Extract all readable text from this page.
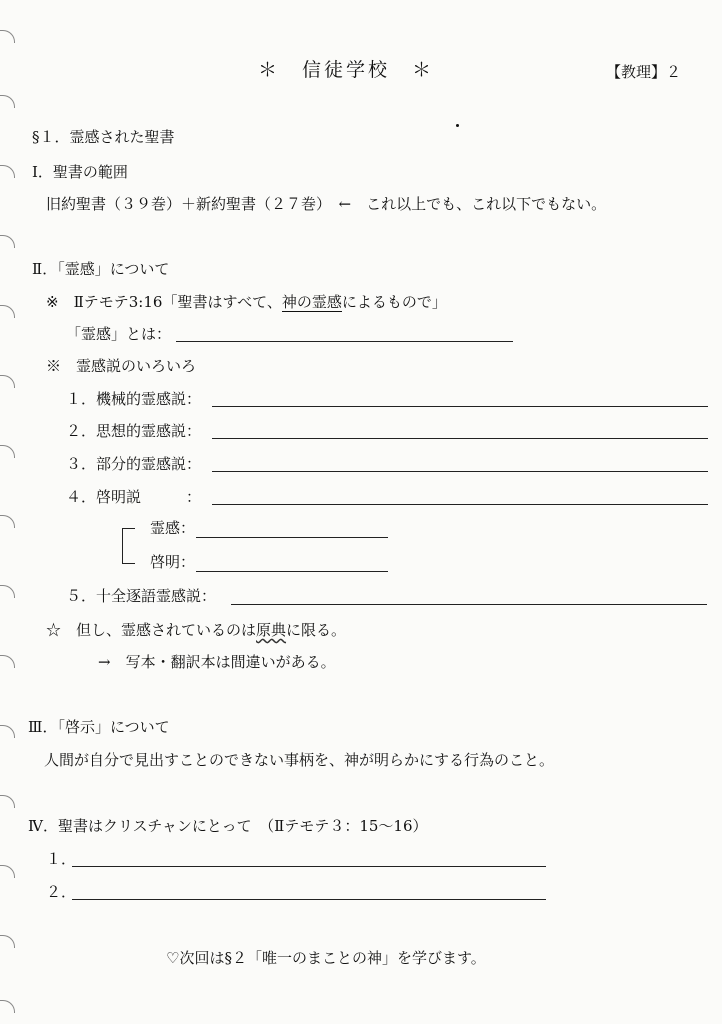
＊　信徒学校　＊	【教理】２
§１．霊感された聖書
Ⅰ．聖書の範囲
旧約聖書（３９巻）＋新約聖書（２７巻）　←　これ以上でも、これ以下でもない。
Ⅱ．「霊感」について
※　Ⅱテモテ3:16「聖書はすべて、神の霊感によるもので」
「霊感」とは：
※　霊感説のいろいろ
１．機械的霊感説：
２．思想的霊感説：
３．部分的霊感説：
４．啓明説　　　：
霊感：
啓明：
５．十全逐語霊感説：
☆　但し、霊感されているのは原典に限る。
→　写本・翻訳本は間違いがある。
Ⅲ．「啓示」について
人間が自分で見出すことのできない事柄を、神が明らかにする行為のこと。
Ⅳ．聖書はクリスチャンにとって　（Ⅱテモテ３：15〜16）
１．
２．
♡次回は§２「唯一のまことの神」を学びます。
